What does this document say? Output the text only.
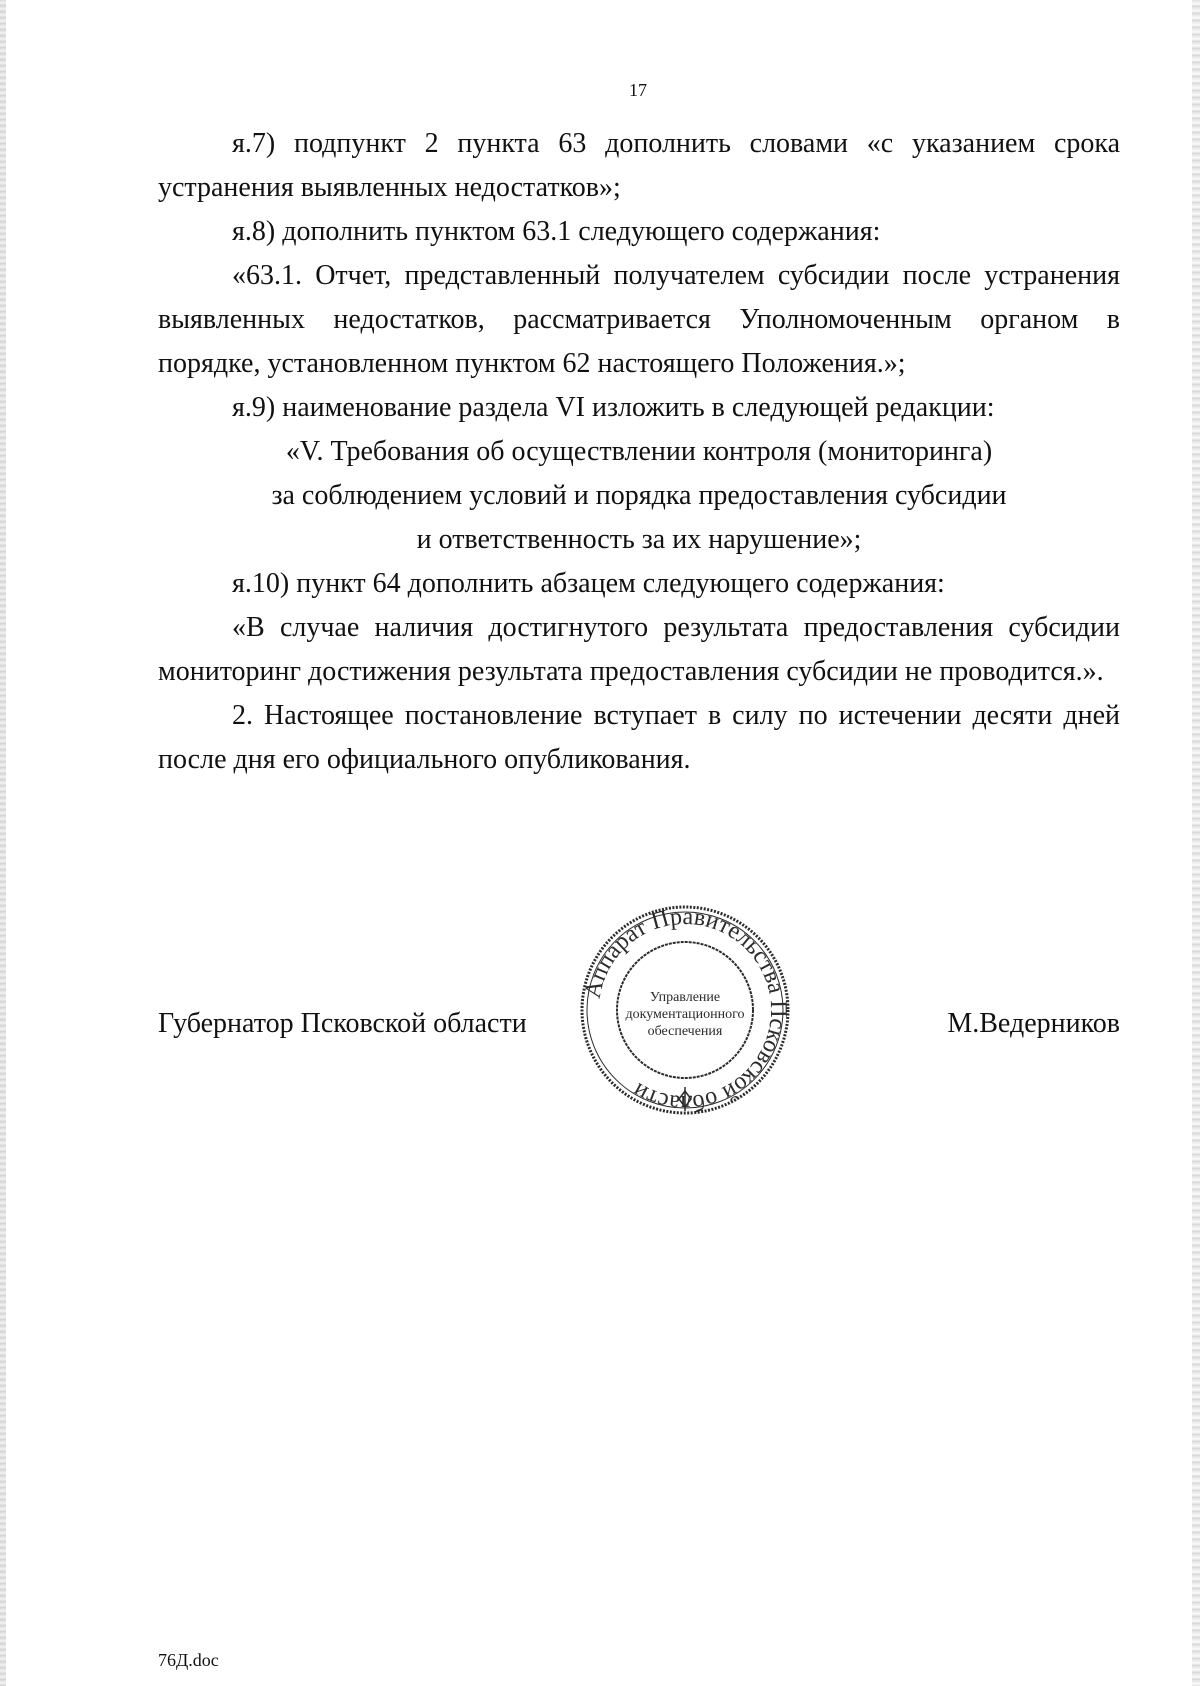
17

я.7) подпункт 2 пункта 63 дополнить словами «с указанием срока устранения выявленных недостатков»;

я.8) дополнить пунктом 63.1 следующего содержания:

«63.1. Отчет, представленный получателем субсидии после устранения выявленных недостатков, рассматривается Уполномоченным органом в порядке, установленном пунктом 62 настоящего Положения.»;

я.9) наименование раздела VI изложить в следующей редакции:

«V. Требования об осуществлении контроля (мониторинга)

за соблюдением условий и порядка предоставления субсидии

и ответственность за их нарушение»;

я.10) пункт 64 дополнить абзацем следующего содержания:

«В случае наличия достигнутого результата предоставления субсидии мониторинг достижения результата предоставления субсидии не проводится.».

2. Настоящее постановление вступает в силу по истечении десяти дней после дня его официального опубликования.

Губернатор Псковской области	М.Ведерников
Аппарат Правительства Псковской области
Управление
документационного
обеспечения
76Д.doc
